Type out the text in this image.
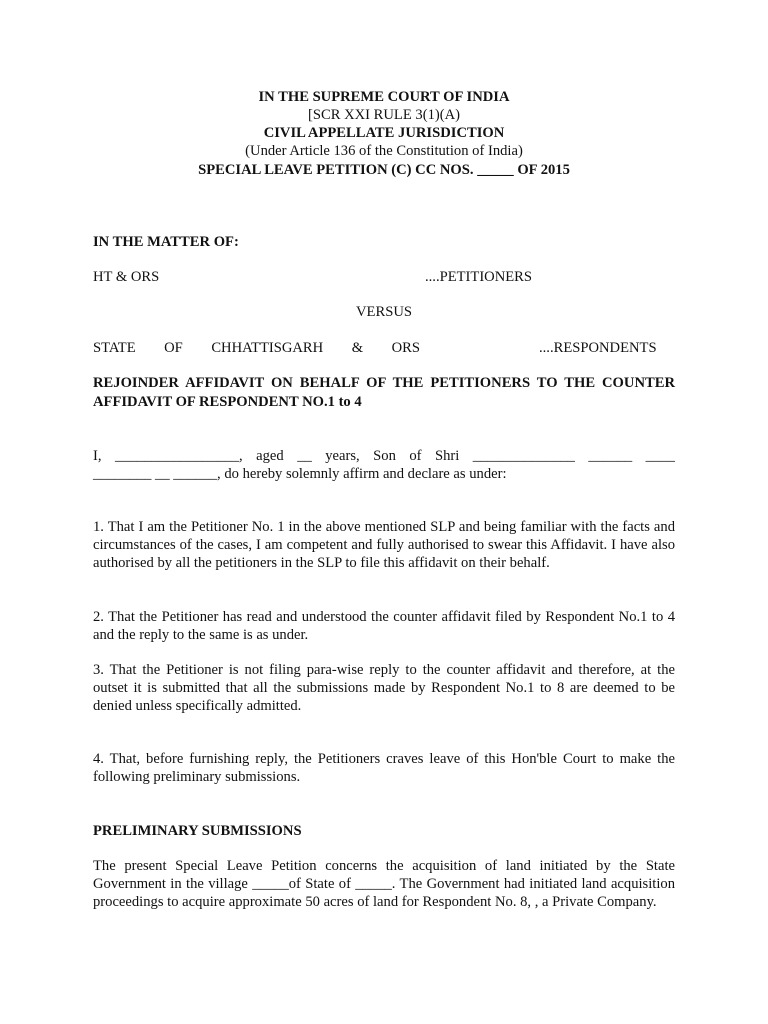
IN THE SUPREME COURT OF INDIA
[SCR XXI RULE 3(1)(A)
CIVIL APPELLATE JURISDICTION
(Under Article 136 of the Constitution of India)
SPECIAL LEAVE PETITION (C) CC NOS. _____ OF 2015
IN THE MATTER OF:
HT & ORS	....PETITIONERS
VERSUS
STATE OF CHHATTISGARH & ORS	....RESPONDENTS
REJOINDER AFFIDAVIT ON BEHALF OF THE PETITIONERS TO THE COUNTER AFFIDAVIT OF RESPONDENT NO.1 to 4
I, _________________, aged __ years, Son of Shri ______________ ______ ____
________ __ ______, do hereby solemnly affirm and declare as under:
1. That I am the Petitioner No. 1 in the above mentioned SLP and being familiar with the facts and circumstances of the cases, I am competent and fully authorised to swear this Affidavit. I have also authorised by all the petitioners in the SLP to file this affidavit on their behalf.
2. That the Petitioner has read and understood the counter affidavit filed by Respondent No.1 to 4 and the reply to the same is as under.
3. That the Petitioner is not filing para-wise reply to the counter affidavit and therefore, at the outset it is submitted that all the submissions made by Respondent No.1 to 8 are deemed to be denied unless specifically admitted.
4. That, before furnishing reply, the Petitioners craves leave of this Hon'ble Court to make the following preliminary submissions.
PRELIMINARY SUBMISSIONS
The present Special Leave Petition concerns the acquisition of land initiated by the State Government in the village _____of State of _____. The Government had initiated land acquisition proceedings to acquire approximate 50 acres of land for Respondent No. 8, , a Private Company.
